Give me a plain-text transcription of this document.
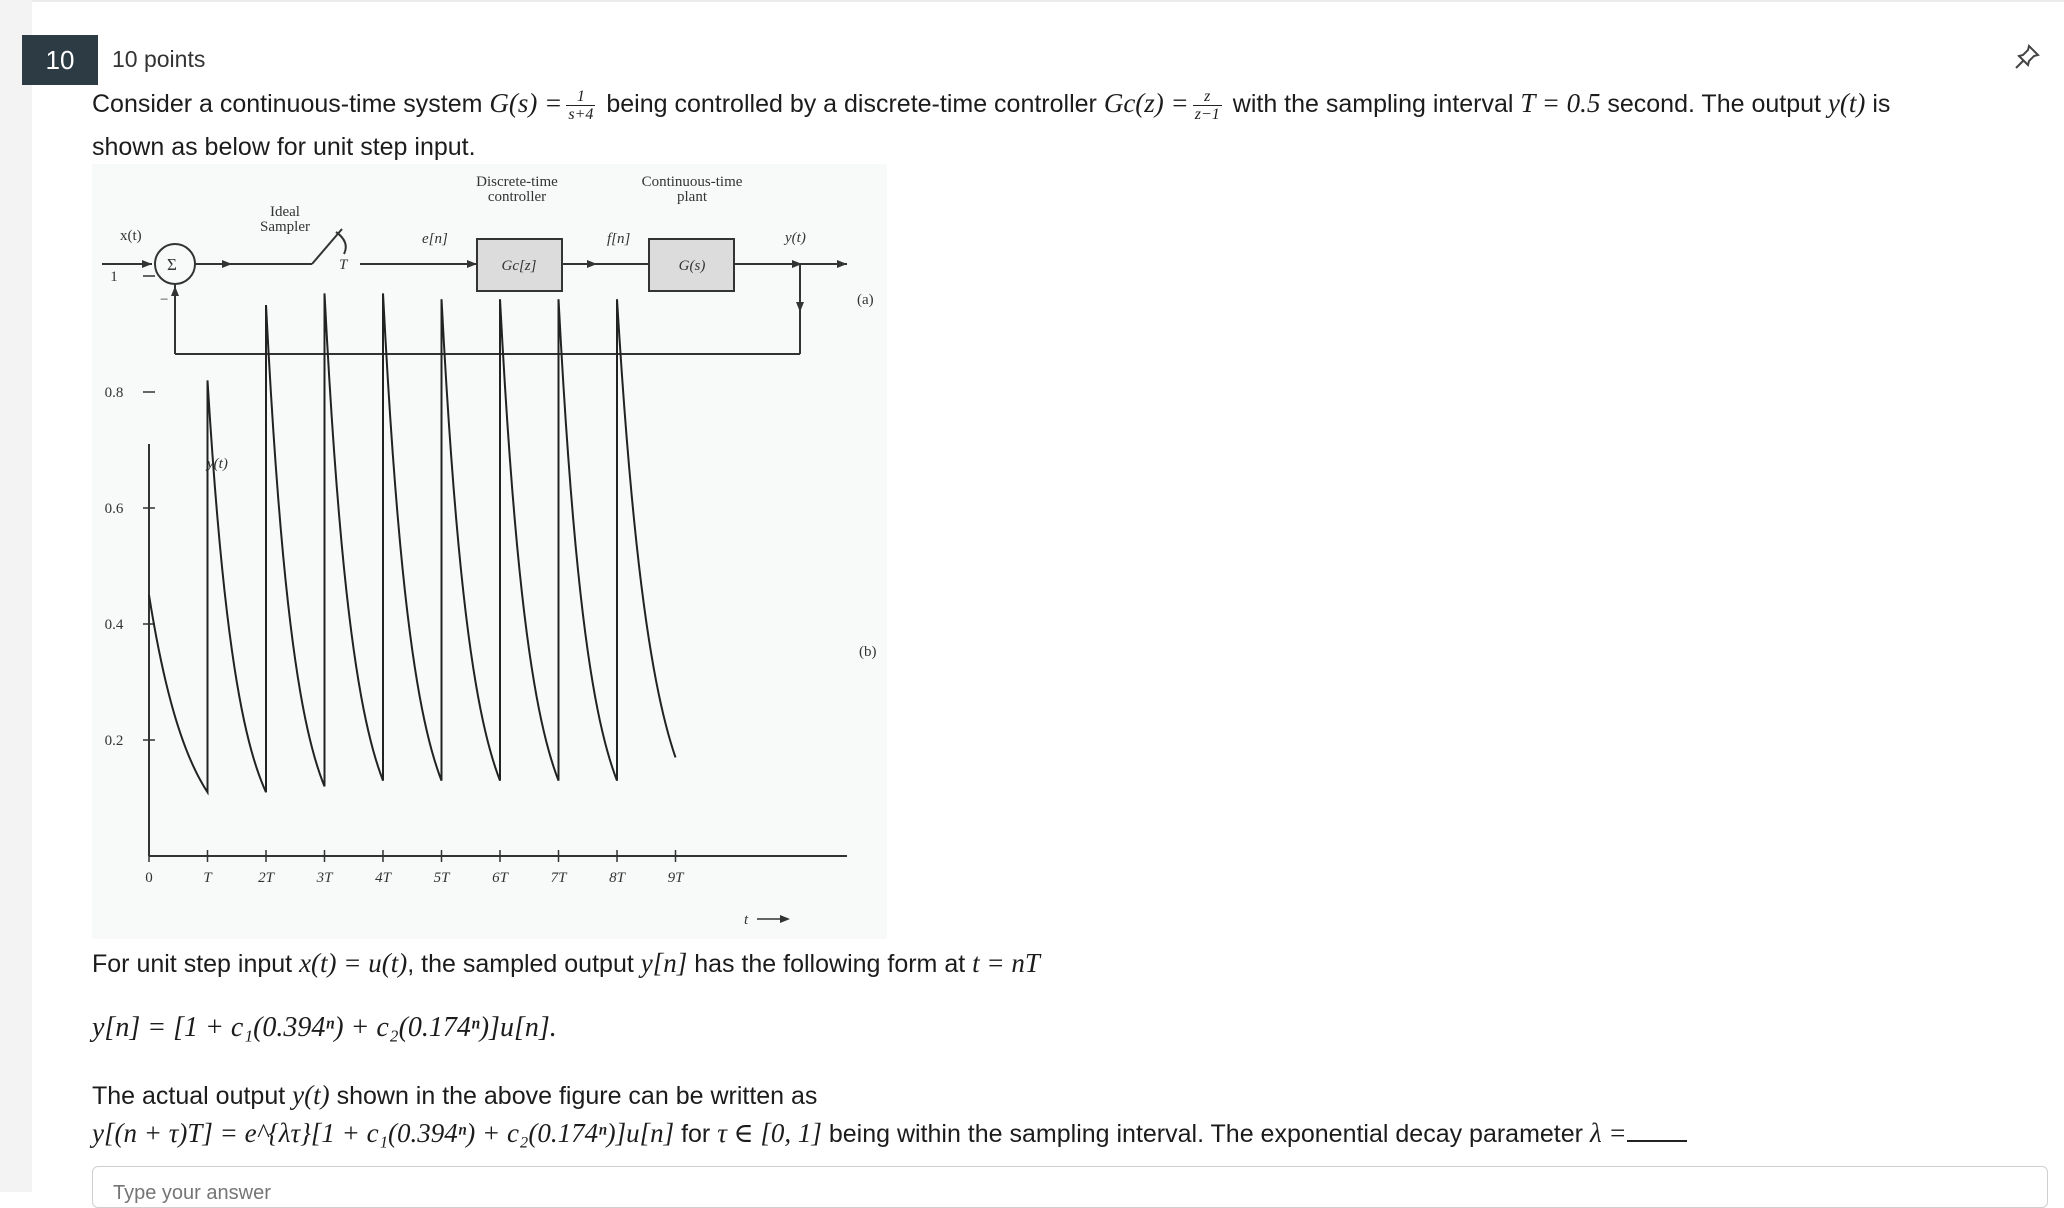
10	10 points
Consider a continuous-time system $G(s) = \frac{1}{s+4}$ being controlled by a discrete-time controller $Gc(z) = \frac{z}{z-1}$ with the sampling interval T = 0.5 second. The output y(t) is
shown as below for unit step input.
x(t)
Σ
−
Ideal
Sampler
T
e[n]
Discrete-time
controller
Gc[z]
f[n]
Continuous-time
plant
G(s)
y(t)
(a)
0	T	2T	3T	4T	5T	6T	7T	8T	9T
0.2
0.4
0.6
0.8
1
y(t)
(b)
t
For unit step input x(t) = u(t), the sampled output y[n] has the following form at t = nT
y[n] = [1 + c₁(0.394ⁿ) + c₂(0.174ⁿ)]u[n].
The actual output y(t) shown in the above figure can be written as
y[(n + τ)T] = e^{λτ}[1 + c₁(0.394ⁿ) + c₂(0.174ⁿ)]u[n] for τ ∈ [0, 1] being within the sampling interval. The exponential decay parameter λ =
Type your answer
